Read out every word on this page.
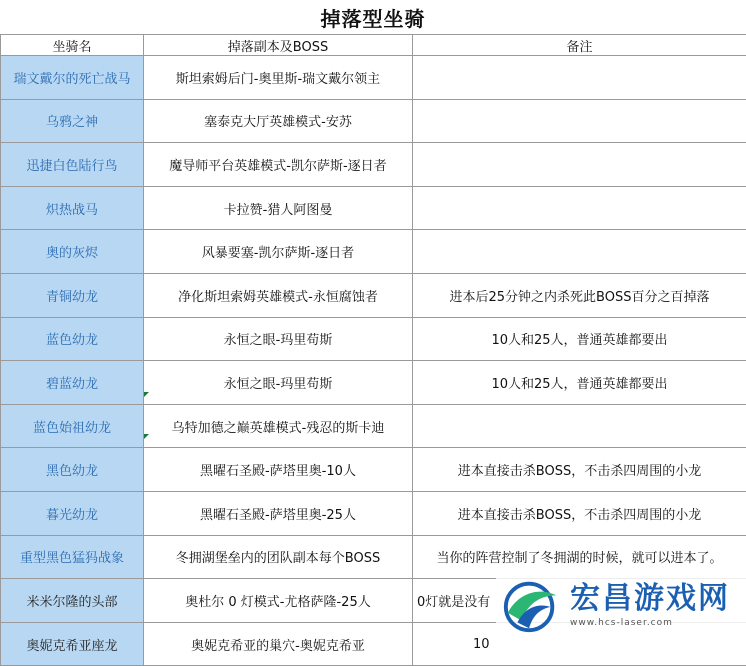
掉落型坐骑
坐骑名	掉落副本及BOSS	备注
瑞文戴尔的死亡战马	斯坦索姆后门-奥里斯-瑞文戴尔领主	
乌鸦之神	塞泰克大厅英雄模式-安苏	
迅捷白色陆行鸟	魔导师平台英雄模式-凯尔萨斯-逐日者	
炽热战马	卡拉赞-猎人阿图曼	
奥的灰烬	风暴要塞-凯尔萨斯-逐日者	
青铜幼龙	净化斯坦索姆英雄模式-永恒腐蚀者	进本后25分钟之内杀死此BOSS百分之百掉落
蓝色幼龙	永恒之眼-玛里苟斯	10人和25人，普通英雄都要出
碧蓝幼龙	永恒之眼-玛里苟斯	10人和25人，普通英雄都要出
蓝色始祖幼龙	乌特加德之巅英雄模式-残忍的斯卡迪	
黑色幼龙	黑曜石圣殿-萨塔里奥-10人	进本直接击杀BOSS，不击杀四周围的小龙
暮光幼龙	黑曜石圣殿-萨塔里奥-25人	进本直接击杀BOSS，不击杀四周围的小龙
重型黑色猛犸战象	冬拥湖堡垒内的团队副本每个BOSS	当你的阵营控制了冬拥湖的时候，就可以进本了。
米米尔隆的头部	奥杜尔 0 灯模式-尤格萨隆-25人	0灯就是没有
奥妮克希亚座龙	奥妮克希亚的巢穴-奥妮克希亚	10
宏昌游戏网
www.hcs-laser.com
